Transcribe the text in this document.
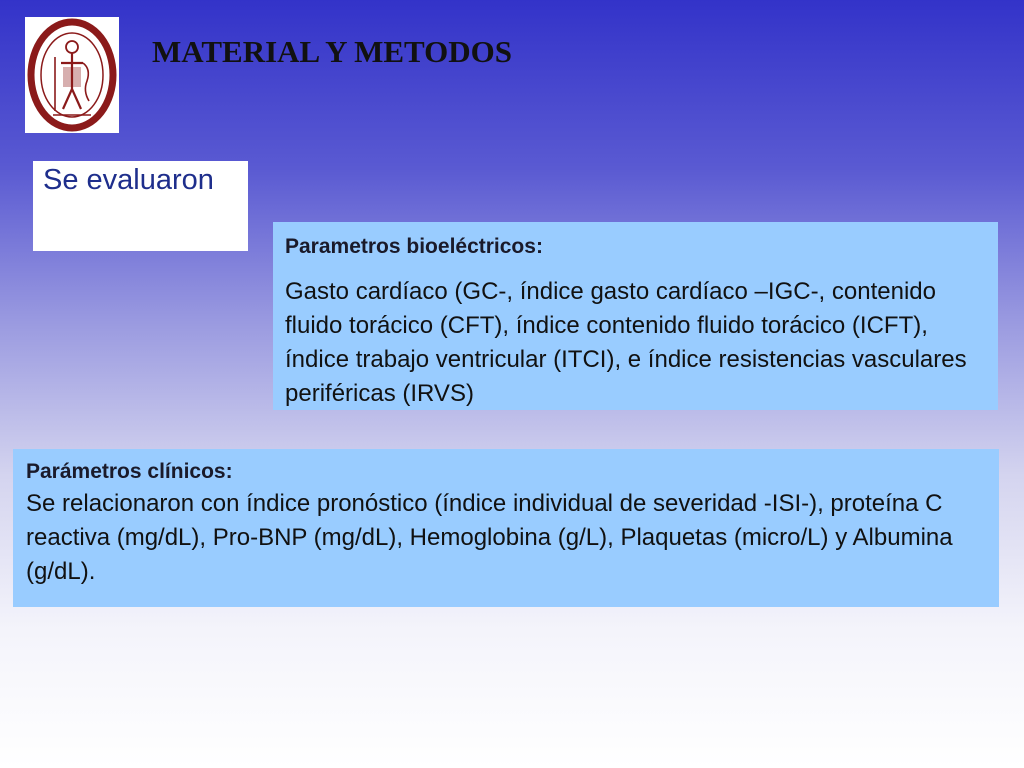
MATERIAL Y METODOS
Se evaluaron
Parametros bioeléctricos:
Gasto cardíaco (GC-, índice gasto cardíaco –IGC-, contenido fluido torácico (CFT), índice contenido fluido torácico (ICFT), índice trabajo ventricular (ITCI), e índice resistencias vasculares periféricas (IRVS)
Parámetros clínicos:
Se relacionaron con índice pronóstico (índice individual de severidad -ISI-), proteína C reactiva (mg/dL), Pro-BNP (mg/dL), Hemoglobina (g/L), Plaquetas (micro/L) y Albumina (g/dL).
